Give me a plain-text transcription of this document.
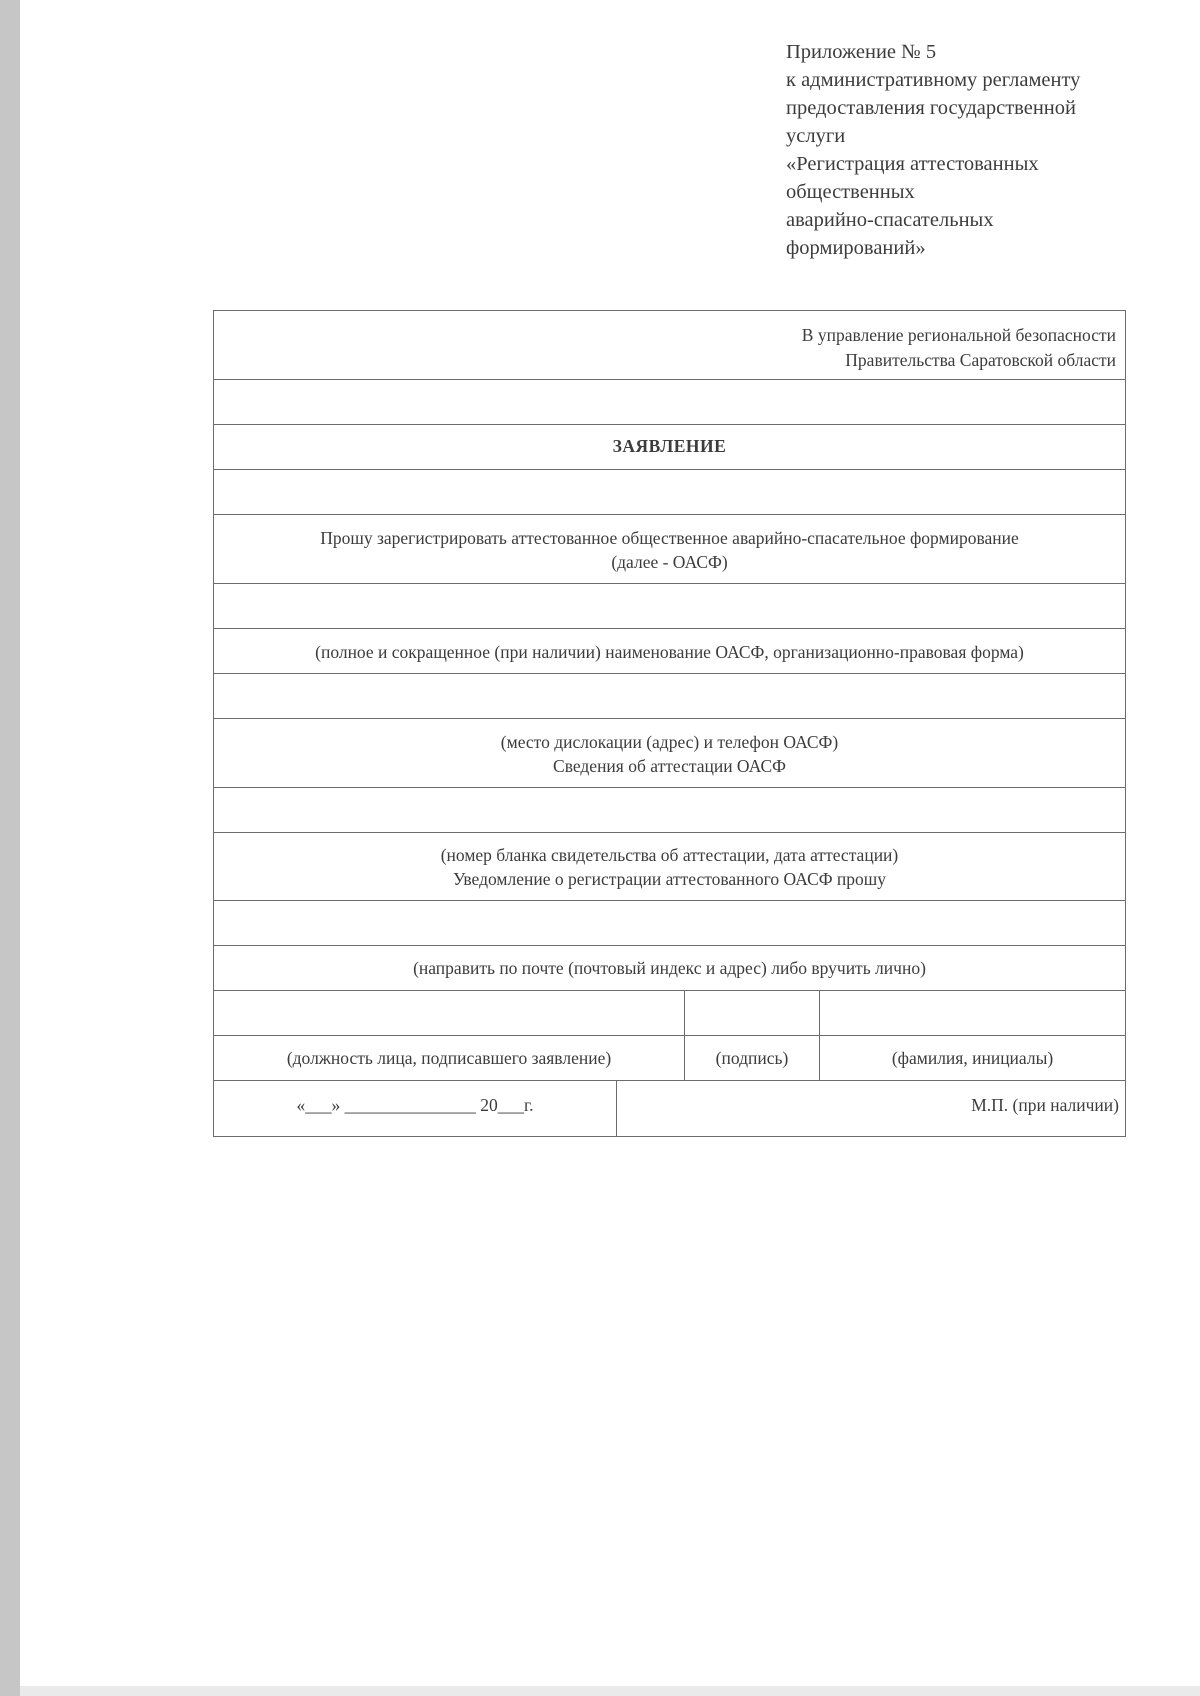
Приложение № 5
к административному регламенту
предоставления государственной
услуги
«Регистрация аттестованных
общественных
аварийно-спасательных
формирований»
В управление региональной безопасности
Правительства Саратовской области
ЗАЯВЛЕНИЕ
Прошу зарегистрировать аттестованное общественное аварийно-спасательное формирование
(далее - ОАСФ)
(полное и сокращенное (при наличии) наименование ОАСФ, организационно-правовая форма)
(место дислокации (адрес) и телефон ОАСФ)
Сведения об аттестации ОАСФ
(номер бланка свидетельства об аттестации, дата аттестации)
Уведомление о регистрации аттестованного ОАСФ прошу
(направить по почте (почтовый индекс и адрес) либо вручить лично)
(должность лица, подписавшего заявление)	(подпись)	(фамилия, инициалы)
«___» _______________ 20___г.	М.П. (при наличии)
